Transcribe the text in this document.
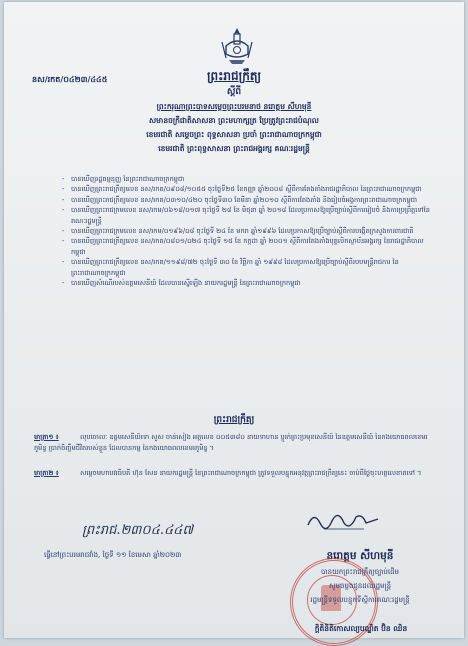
នស/រកត/០៤២៣/៤៤៥	ព្រះរាជក្រឹត្យ
ស្ដីពី
ព្រះករុណាព្រះបាទសម្ដេចព្រះបរមនាថ នរោត្តម សីហមុនី
សមានចក្រីជាតិសាសនា ព្រះមហាក្សត្រ ប្រែត្រូវព្រះរាជបំណុល
ខេមរជាតិ សម្ដេចព្រះ ពុទ្ធសាសនា ប្រចាំ ព្រះរាជាណាចក្រកម្ពុជា
ខេមរជាតិ ព្រះពុទ្ធសាសនា ព្រះរាជអង្គរក្ស គណៈរដ្ឋមន្ត្រី
- បានឃើញរដ្ឋធម្មនុញ្ញ នៃព្រះរាជាណាចក្រកម្ពុជា
- បានឃើញព្រះរាជក្រឹត្យលេខ នស/រកត/០៩០៨/១០៥៥ ចុះថ្ងៃទី២៥ ខែកញ្ញា ឆ្នាំ២០០៨ ស្ដីពីការតែងតាំងរាជរដ្ឋាភិបាល នៃព្រះរាជាណាចក្រកម្ពុជា
- បានឃើញព្រះរាជក្រឹត្យលេខ នស/រកត/០៣១០/៤២០ ចុះថ្ងៃទី៣០ ខែមីនា ឆ្នាំ២០១០ ស្ដីពីការតែងតាំង និងរៀបចំអង្គការព្រះរាជាណាចក្រកម្ពុជា
- បានឃើញព្រះរាជក្រមលេខ នស/រកម/០៦១៨/០១៧ ចុះថ្ងៃទី ២៨ ខែ មិថុនា ឆ្នាំ ២០១៨ ដែលប្រកាសឱ្យប្រើច្បាប់ស្ដីពីការរៀបចំ និងការប្រព្រឹត្តទៅនៃគណៈរដ្ឋមន្ត្រី
- បានឃើញព្រះរាជក្រមលេខ នស/រកម/០១៩៦/០៨ ចុះថ្ងៃទី ២៤ ខែ មករា ឆ្នាំ១៩៩៦ ដែលប្រកាសឱ្យប្រើច្បាប់ស្ដីពីការបង្កើតក្រសួងការពារជាតិ
- បានឃើញព្រះរាជក្រឹត្យលេខ នស/រកត/០៨០១/០២៤ ចុះថ្ងៃទី ១៥ ខែ កក្កដា ឆ្នាំ ២០០១ ស្ដីពីការតែងតាំងបុគ្គលិកស្ថាប័នអង្គរក្ស នៃរាជរដ្ឋាភិបាលកម្ពុជា
- បានឃើញព្រះរាជក្រឹត្យលេខ នស/រកត/១១៩៨/៧២ ចុះថ្ងៃទី ៣០ ខែ វិច្ឆិកា ឆ្នាំ ១៩៩៨ ដែលប្រកាសឱ្យប្រើច្បាប់ស្ដីពីរបបមន្ត្រីរាជការ នៃព្រះរាជាណាចក្រកម្ពុជា
- បានឃើញសំណើរបស់ឧត្ដមសេនីយ៍ ដែលបានស្នើឡើង នាយករដ្ឋមន្ត្រី នៃព្រះរាជាណាចក្រកម្ពុជា
ព្រះរាជក្រឹត្យ
មាត្រា១ ៖	លុបចោលៈ ឧត្ដមសេនីយ៍ទោ សួស ចាន់សៀង អត្តលេខ ០០៥៣៨០ នាយទាហាន ប្ដូរក់ព្រះប្រមុខសេនីយ៍ នៃឧត្ដមសេនីយ៍ នៃកងយោធពលខេមរភូមិន្ទ ប្រាក់ចិញ្ចឹមជីវិតរបស់ខ្លួន ដែលបានកម្ម នៃកងយោធពលខេមរភូមិន្ទ ។
មាត្រា២ ៖	សម្ដេចមហាបវរធិបតី ហ៊ុន សែន នាយករដ្ឋមន្ត្រី នៃព្រះរាជាណាចក្រកម្ពុជា ត្រូវទទួលបន្ទុកអនុវត្តព្រះរាជក្រឹត្យនេះ ចាប់ពីថ្ងៃចុះហត្ថលេខាតទៅ ។
ព្រះរាជ.២៣០៤.៤៤៧
ធ្វើនៅព្រះបរមរាជវាំង, ថ្ងៃទី ១១ ខែមេសា ឆ្នាំ២០២៣	នរោត្តម សីហមុនី
បានយកព្រះរាជក្រឹត្យច្បាប់ដើម
សូមចម្លងជូនដល់រដ្ឋមន្ត្រី
រដ្ឋមន្ត្រីទទួលបន្ទុកទីស្ដីការគណៈរដ្ឋមន្ត្រី
ក្តិតិនិតិកោសល្យបណ្ឌិត ប៊ិន ឈិន
